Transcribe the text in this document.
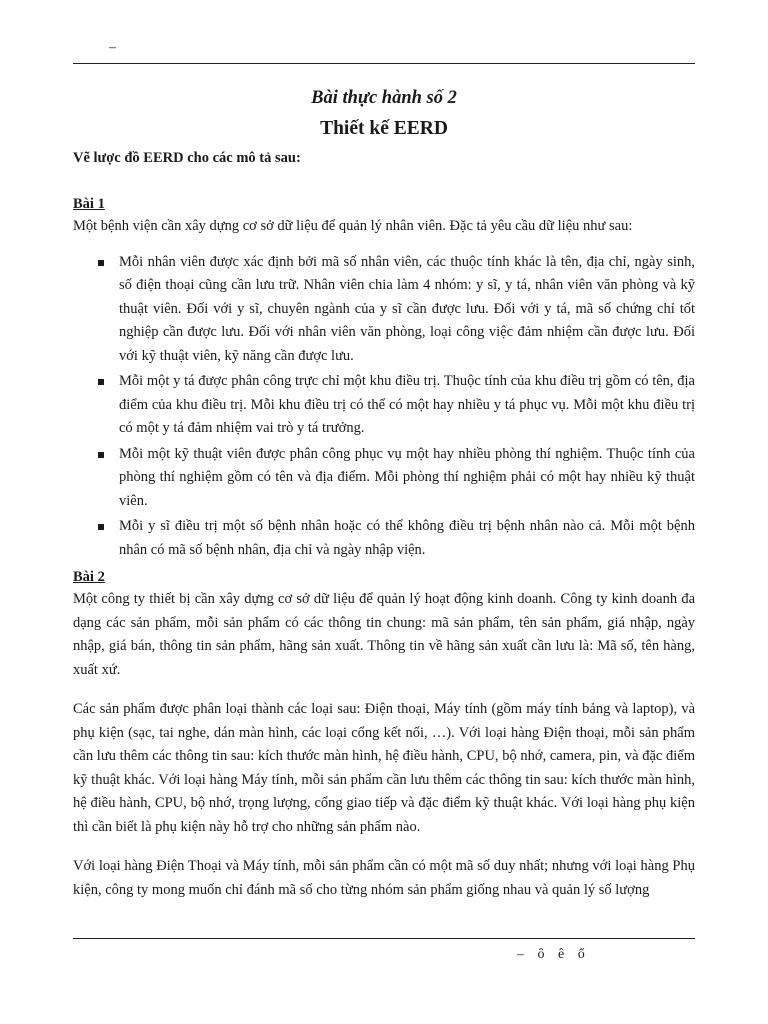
–
Bài thực hành số 2
Thiết kế EERD

Vẽ lược đồ EERD cho các mô tả sau:

Bài 1

Một bệnh viện cần xây dựng cơ sở dữ liệu để quản lý nhân viên. Đặc tả yêu cầu dữ liệu như sau:

Mỗi nhân viên được xác định bởi mã số nhân viên, các thuộc tính khác là tên, địa chỉ, ngày sinh, số điện thoại cũng cần lưu trữ. Nhân viên chia làm 4 nhóm: y sĩ, y tá, nhân viên văn phòng và kỹ thuật viên. Đối với y sĩ, chuyên ngành của y sĩ cần được lưu. Đối với y tá, mã số chứng chỉ tốt nghiệp cần được lưu. Đối với nhân viên văn phòng, loại công việc đảm nhiệm cần được lưu. Đối với kỹ thuật viên, kỹ năng cần được lưu.
Mỗi một y tá được phân công trực chỉ một khu điều trị. Thuộc tính của khu điều trị gồm có tên, địa điểm của khu điều trị. Mỗi khu điều trị có thể có một hay nhiều y tá phục vụ. Mỗi một khu điều trị có một y tá đảm nhiệm vai trò y tá trưởng.
Mỗi một kỹ thuật viên được phân công phục vụ một hay nhiều phòng thí nghiệm. Thuộc tính của phòng thí nghiệm gồm có tên và địa điểm. Mỗi phòng thí nghiệm phải có một hay nhiều kỹ thuật viên.
Mỗi y sĩ điều trị một số bệnh nhân hoặc có thể không điều trị bệnh nhân nào cả. Mỗi một bệnh nhân có mã số bệnh nhân, địa chỉ và ngày nhập viện.

Bài 2

Một công ty thiết bị cần xây dựng cơ sở dữ liệu để quản lý hoạt động kinh doanh. Công ty kinh doanh đa dạng các sản phẩm, mỗi sản phẩm có các thông tin chung: mã sản phẩm, tên sản phẩm, giá nhập, ngày nhập, giá bán, thông tin sản phẩm, hãng sản xuất. Thông tin về hãng sản xuất cần lưu là: Mã số, tên hàng, xuất xứ.

Các sản phẩm được phân loại thành các loại sau: Điện thoại, Máy tính (gồm máy tính bảng và laptop), và phụ kiện (sạc, tai nghe, dán màn hình, các loại cổng kết nối, …). Với loại hàng Điện thoại, mỗi sản phẩm cần lưu thêm các thông tin sau: kích thước màn hình, hệ điều hành, CPU, bộ nhớ, camera, pin, và đặc điểm kỹ thuật khác. Với loại hàng Máy tính, mỗi sản phẩm cần lưu thêm các thông tin sau: kích thước màn hình, hệ điều hành, CPU, bộ nhớ, trọng lượng, cổng giao tiếp và đặc điểm kỹ thuật khác. Với loại hàng phụ kiện thì cần biết là phụ kiện này hỗ trợ cho những sản phẩm nào.

Với loại hàng Điện Thoại và Máy tính, mỗi sản phẩm cần có một mã số duy nhất; nhưng với loại hàng Phụ kiện, công ty mong muốn chỉ đánh mã số cho từng nhóm sản phẩm giống nhau và quản lý số lượng

– ô ê ổ
